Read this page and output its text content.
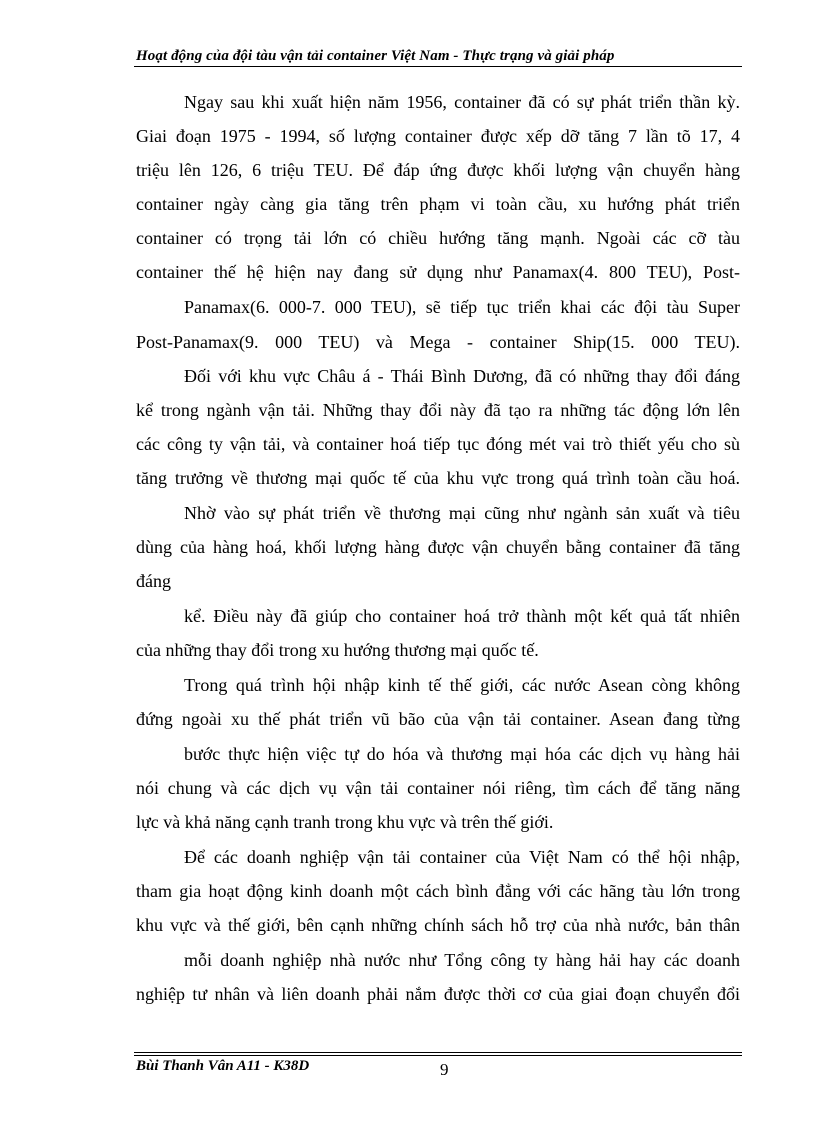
Hoạt động của đội tàu vận tải container Việt Nam - Thực trạng và giải pháp
Ngay sau khi xuất hiện năm 1956, container đã có sự phát triển thần kỳ.
Giai đoạn 1975 - 1994, số lượng container được xếp dỡ tăng 7 lần tõ 17, 4
triệu lên 126, 6 triệu TEU. Để đáp ứng được khối lượng vận chuyển hàng
container ngày càng gia tăng trên phạm vi toàn cầu, xu hướng phát triển
container có trọng tải lớn có chiều hướng tăng mạnh. Ngoài các cỡ tàu
container thế hệ hiện nay đang sử dụng như Panamax(4. 800 TEU), Post-
Panamax(6. 000-7. 000 TEU), sẽ tiếp tục triển khai các đội tàu Super
Post-Panamax(9. 000 TEU) và Mega - container Ship(15. 000 TEU).
Đối với khu vực Châu á - Thái Bình Dương, đã có những thay đổi đáng
kể trong ngành vận tải. Những thay đổi này đã tạo ra những tác động lớn lên
các công ty vận tải, và container hoá tiếp tục đóng mét vai trò thiết yếu cho sù
tăng trưởng về thương mại quốc tế của khu vực trong quá trình toàn cầu hoá.
Nhờ vào sự phát triển về thương mại cũng như ngành sản xuất và tiêu
dùng của hàng hoá, khối lượng hàng được vận chuyển bằng container đã tăng
đáng
kể. Điều này đã giúp cho container hoá trở thành một kết quả tất nhiên
của những thay đổi trong xu hướng thương mại quốc tế.
Trong quá trình hội nhập kinh tế thế giới, các nước Asean còng không
đứng ngoài xu thế phát triển vũ bão của vận tải container. Asean đang từng
bước thực hiện việc tự do hóa và thương mại hóa các dịch vụ hàng hải
nói chung và các dịch vụ vận tải container nói riêng, tìm cách để tăng năng
lực và khả năng cạnh tranh trong khu vực và trên thế giới.
Để các doanh nghiệp vận tải container của Việt Nam có thể hội nhập,
tham gia hoạt động kinh doanh một cách bình đẳng với các hãng tàu lớn trong
khu vực và thế giới, bên cạnh những chính sách hỗ trợ của nhà nước, bản thân
mỗi doanh nghiệp nhà nước như Tổng công ty hàng hải hay các doanh
nghiệp tư nhân và liên doanh phải nắm được thời cơ của giai đoạn chuyển đổi
Bùi Thanh Vân A11 - K38D	9
